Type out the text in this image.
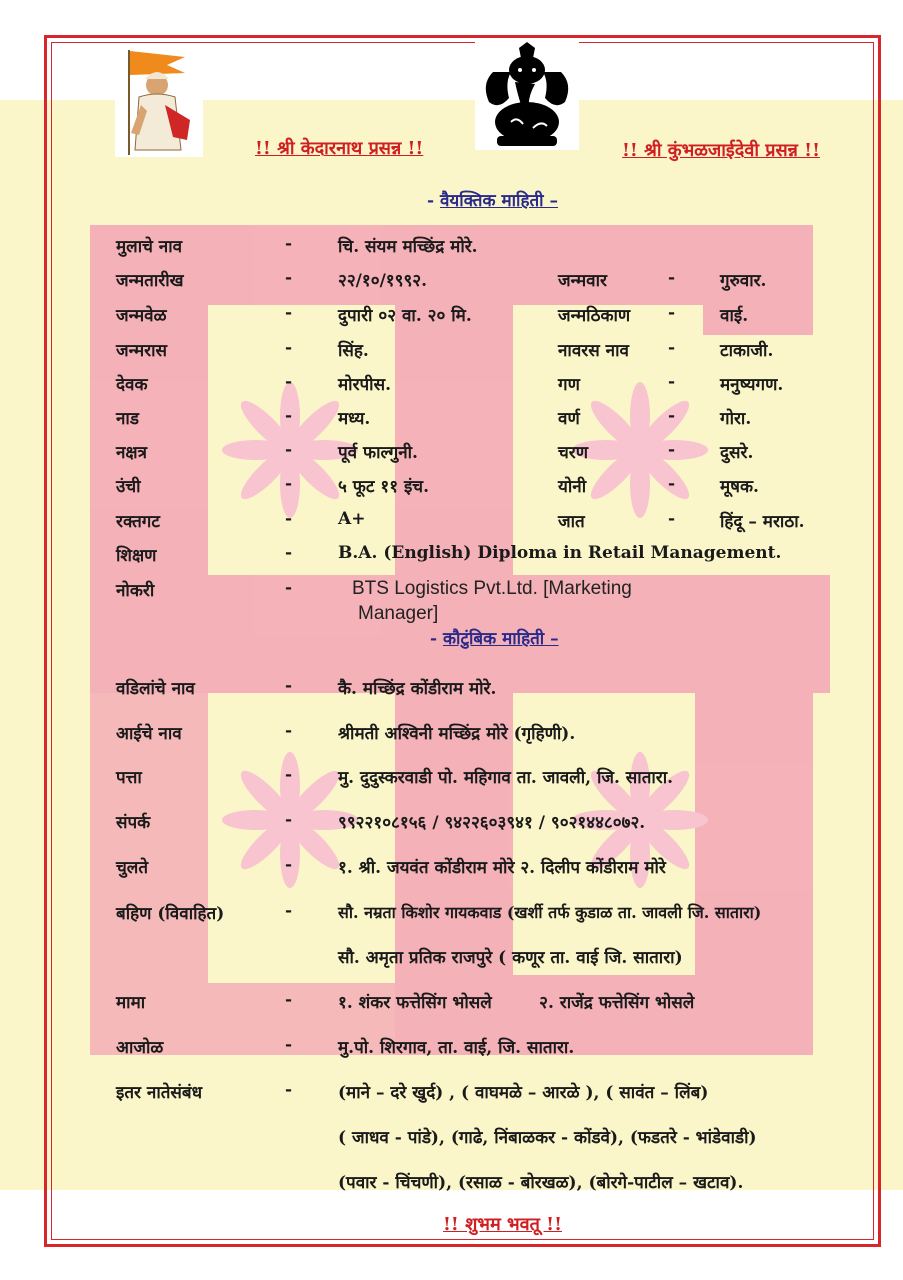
!! श्री केदारनाथ प्रसन्न !!	!! श्री कुंभळजाईदेवी प्रसन्न !!
- वैयक्तिक माहिती –
मुलाचे नाव	-	चि. संयम मच्छिंद्र मोरे.
जन्मतारीख	-	२२/१०/१९९२.	जन्मवार	-	गुरुवार.
जन्मवेळ	-	दुपारी ०२ वा. २० मि.	जन्मठिकाण -	वाई.
जन्मरास	-	सिंह.	नावरस नाव -	टाकाजी.
देवक	-	मोरपीस.	गण	-	मनुष्यगण.
नाड	-	मध्य.	वर्ण	-	गोरा.
नक्षत्र	-	पूर्व फाल्गुनी.	चरण	-	दुसरे.
उंची	-	५ फूट ११ इंच.	योनी	-	मूषक.
रक्तगट	-	A+	जात	-	हिंदू – मराठा.
शिक्षण	-	B.A. (English) Diploma in Retail Management.
नोकरी	-	BTS Logistics Pvt.Ltd. [Marketing
Manager]
- कौटुंबिक माहिती –
वडिलांचे नाव	-	कै. मच्छिंद्र कोंडीराम मोरे.
आईचे नाव	-	श्रीमती अश्विनी मच्छिंद्र मोरे (गृहिणी).
पत्ता	-	मु. दुदुस्करवाडी पो. महिगाव ता. जावली, जि. सातारा.
संपर्क	-	९९२२१०८१५६ / ९४२२६०३९४१ / ९०२१४४८०७२.
चुलते	-	१. श्री. जयवंत कोंडीराम मोरे २. दिलीप कोंडीराम मोरे
बहिण (विवाहित)	-	सौ. नम्रता किशोर गायकवाड (खर्शी तर्फ कुडाळ ता. जावली जि. सातारा)
सौ. अमृता प्रतिक राजपुरे ( कणूर ता. वाई जि. सातारा)
मामा	-	१. शंकर फत्तेसिंग भोसले        २. राजेंद्र फत्तेसिंग भोसले
आजोळ	-	मु.पो. शिरगाव, ता. वाई, जि. सातारा.
इतर नातेसंबंध	-	(माने – दरे खुर्द) , ( वाघमळे – आरळे ), ( सावंत – लिंब)
( जाधव - पांडे), (गाढे, निंबाळकर - कोंडवे), (फडतरे - भांडेवाडी)
(पवार - चिंचणी), (रसाळ - बोरखळ), (बोरगे-पाटील – खटाव).
!! शुभम भवतू !!
